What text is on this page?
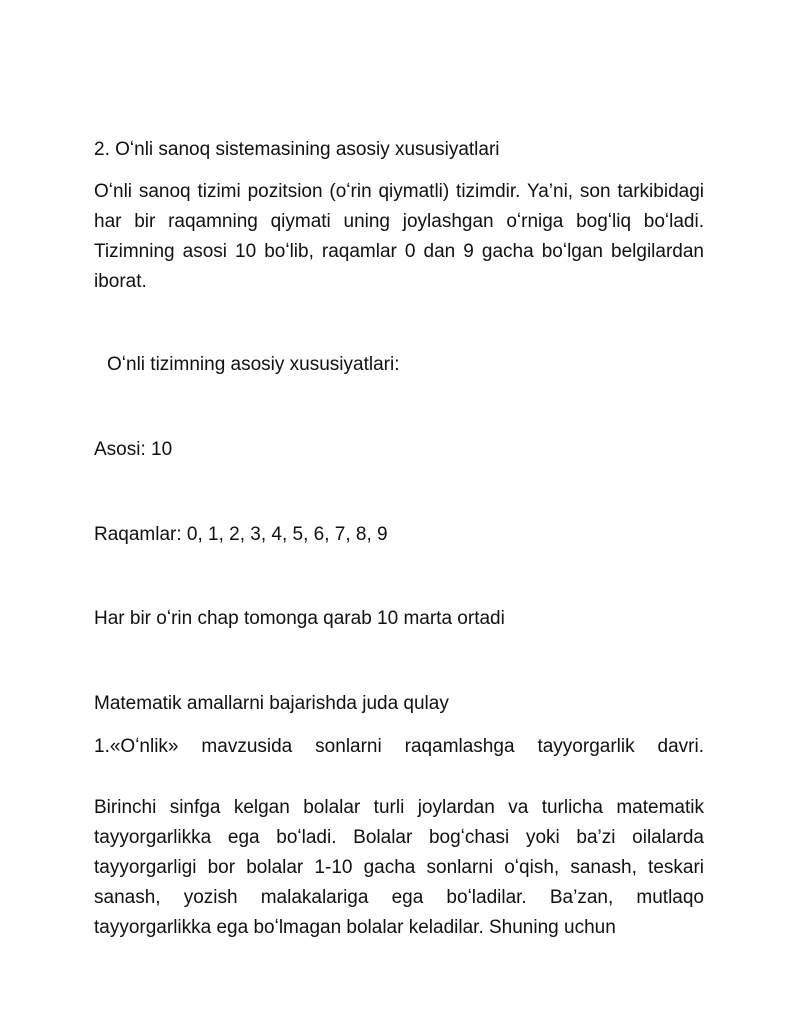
2. Oʻnli sanoq sistemasining asosiy xususiyatlari
Oʻnli sanoq tizimi pozitsion (oʻrin qiymatli) tizimdir. Ya’ni, son tarkibidagi har bir raqamning qiymati uning joylashgan oʻrniga bogʻliq boʻladi. Tizimning asosi 10 boʻlib, raqamlar 0 dan 9 gacha boʻlgan belgilardan iborat.
Oʻnli tizimning asosiy xususiyatlari:
Asosi: 10
Raqamlar: 0, 1, 2, 3, 4, 5, 6, 7, 8, 9
Har bir oʻrin chap tomonga qarab 10 marta ortadi
Matematik amallarni bajarishda juda qulay
1.«Oʻnlik» mavzusida sonlarni raqamlashga tayyorgarlik davri.
Birinchi sinfga kelgan bolalar turli joylardan va turlicha matematik tayyorgarlikka ega boʻladi. Bolalar bogʻchasi yoki ba’zi oilalarda tayyorgarligi bor bolalar 1-10 gacha sonlarni oʻqish, sanash, teskari sanash, yozish malakalariga ega boʻladilar. Ba’zan, mutlaqo tayyorgarlikka ega boʻlmagan bolalar keladilar. Shuning uchun
